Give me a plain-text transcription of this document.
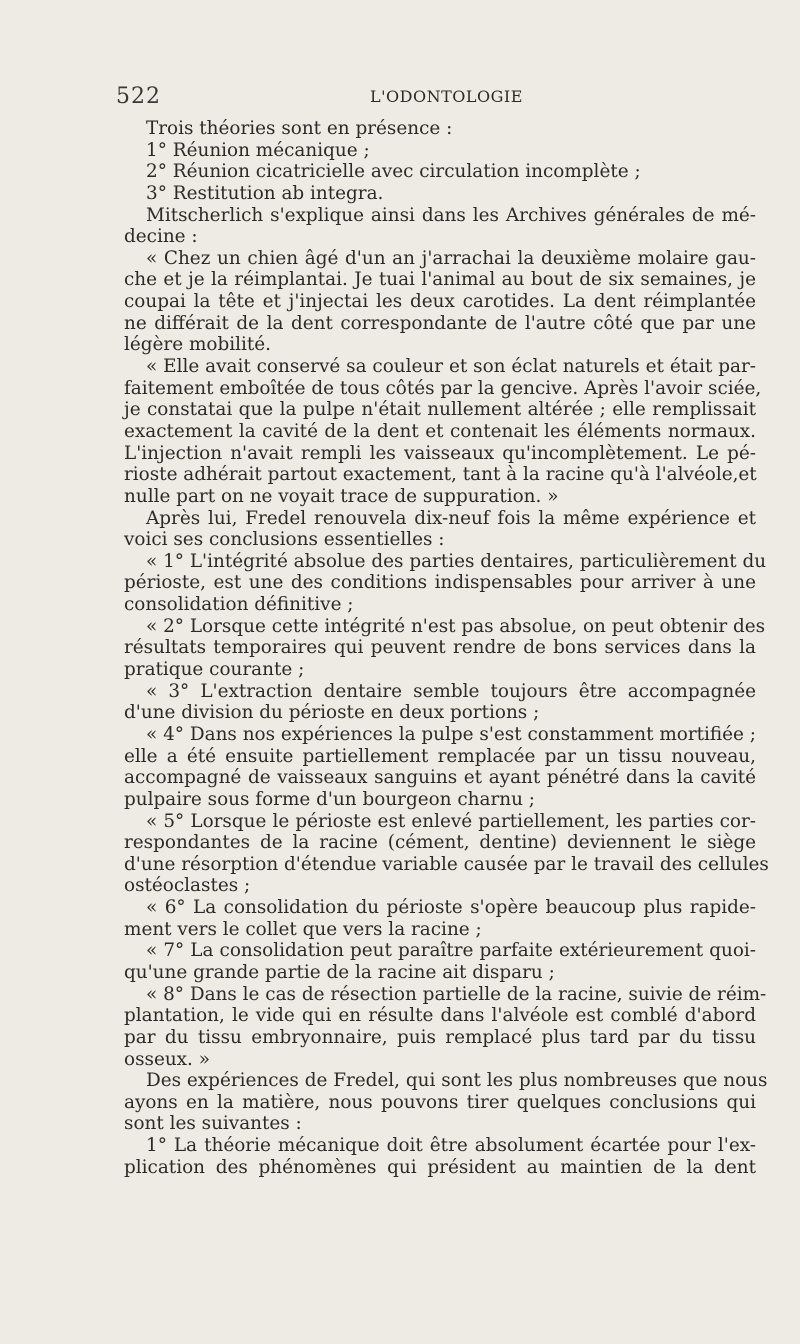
522	L'ODONTOLOGIE
Trois théories sont en présence :
1° Réunion mécanique ;
2° Réunion cicatricielle avec circulation incomplète ;
3° Restitution ab integra.
Mitscherlich s'explique ainsi dans les Archives générales de mé-
decine :
« Chez un chien âgé d'un an j'arrachai la deuxième molaire gau-
che et je la réimplantai. Je tuai l'animal au bout de six semaines, je
coupai la tête et j'injectai les deux carotides. La dent réimplantée
ne différait de la dent correspondante de l'autre côté que par une
légère mobilité.
« Elle avait conservé sa couleur et son éclat naturels et était par-
faitement emboîtée de tous côtés par la gencive. Après l'avoir sciée,
je constatai que la pulpe n'était nullement altérée ; elle remplissait
exactement la cavité de la dent et contenait les éléments normaux.
L'injection n'avait rempli les vaisseaux qu'incomplètement. Le pé-
rioste adhérait partout exactement, tant à la racine qu'à l'alvéole,et
nulle part on ne voyait trace de suppuration. »
Après lui, Fredel renouvela dix-neuf fois la même expérience et
voici ses conclusions essentielles :
« 1° L'intégrité absolue des parties dentaires, particulièrement du
périoste, est une des conditions indispensables pour arriver à une
consolidation définitive ;
« 2° Lorsque cette intégrité n'est pas absolue, on peut obtenir des
résultats temporaires qui peuvent rendre de bons services dans la
pratique courante ;
« 3° L'extraction dentaire semble toujours être accompagnée
d'une division du périoste en deux portions ;
« 4° Dans nos expériences la pulpe s'est constamment mortifiée ;
elle a été ensuite partiellement remplacée par un tissu nouveau,
accompagné de vaisseaux sanguins et ayant pénétré dans la cavité
pulpaire sous forme d'un bourgeon charnu ;
« 5° Lorsque le périoste est enlevé partiellement, les parties cor-
respondantes de la racine (cément, dentine) deviennent le siège
d'une résorption d'étendue variable causée par le travail des cellules
ostéoclastes ;
« 6° La consolidation du périoste s'opère beaucoup plus rapide-
ment vers le collet que vers la racine ;
« 7° La consolidation peut paraître parfaite extérieurement quoi-
qu'une grande partie de la racine ait disparu ;
« 8° Dans le cas de résection partielle de la racine, suivie de réim-
plantation, le vide qui en résulte dans l'alvéole est comblé d'abord
par du tissu embryonnaire, puis remplacé plus tard par du tissu
osseux. »
Des expériences de Fredel, qui sont les plus nombreuses que nous
ayons en la matière, nous pouvons tirer quelques conclusions qui
sont les suivantes :
1° La théorie mécanique doit être absolument écartée pour l'ex-
plication des phénomènes qui président au maintien de la dent
